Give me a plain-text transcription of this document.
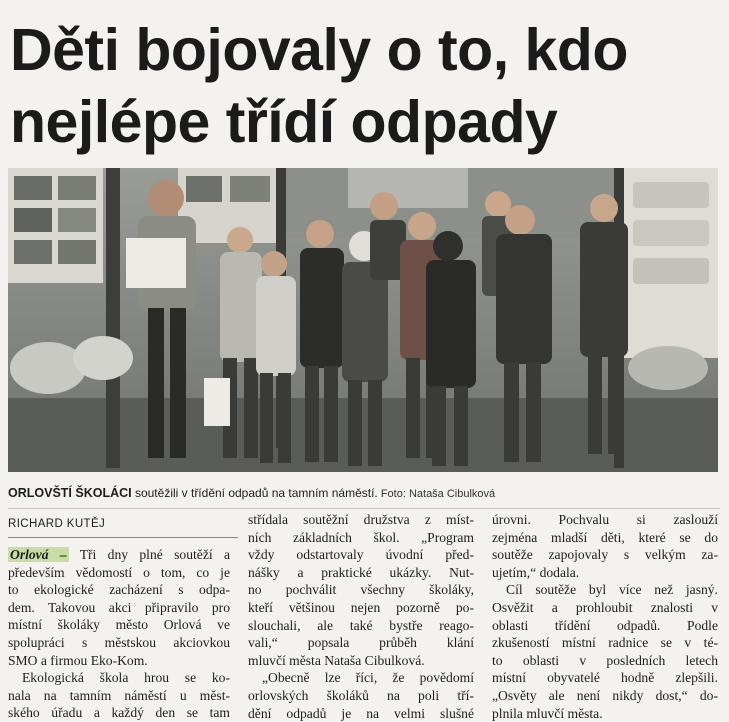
Děti bojovaly o to, kdo
nejlépe třídí odpady
ORLOVŠTÍ ŠKOLÁCI soutěžili v třídění odpadů na tamním náměstí. Foto: Nataša Cibulková
RICHARD KUTĚJ
Orlová – Tři dny plné soutěží a
především vědomostí o tom, co je
to ekologické zacházení s odpa-
dem. Takovou akci připravilo pro
místní školáky město Orlová ve
spolupráci s městskou akciovkou
SMO a firmou Eko-Kom.
Ekologická škola hrou se ko-
nala na tamním náměstí u měst-
ského úřadu a každý den se tam
střídala soutěžní družstva z míst-
ních základních škol. „Program
vždy odstartovaly úvodní před-
nášky a praktické ukázky. Nut-
no pochválit všechny školáky,
kteří většinou nejen pozorně po-
slouchali, ale také bystře reago-
vali,“ popsala průběh klání
mluvčí města Nataša Cibulková.
„Obecně lze říci, že povědomí
orlovských školáků na poli tří-
dění odpadů je na velmi slušné
úrovni. Pochvalu si zaslouží
zejména mladší děti, které se do
soutěže zapojovaly s velkým za-
ujetím,“ dodala.
Cíl soutěže byl více než jasný.
Osvěžit a prohloubit znalosti v
oblasti třídění odpadů. Podle
zkušeností místní radnice se v té-
to oblasti v posledních letech
místní obyvatelé hodně zlepšili.
„Osvěty ale není nikdy dost,“ do-
plnila mluvčí města.
